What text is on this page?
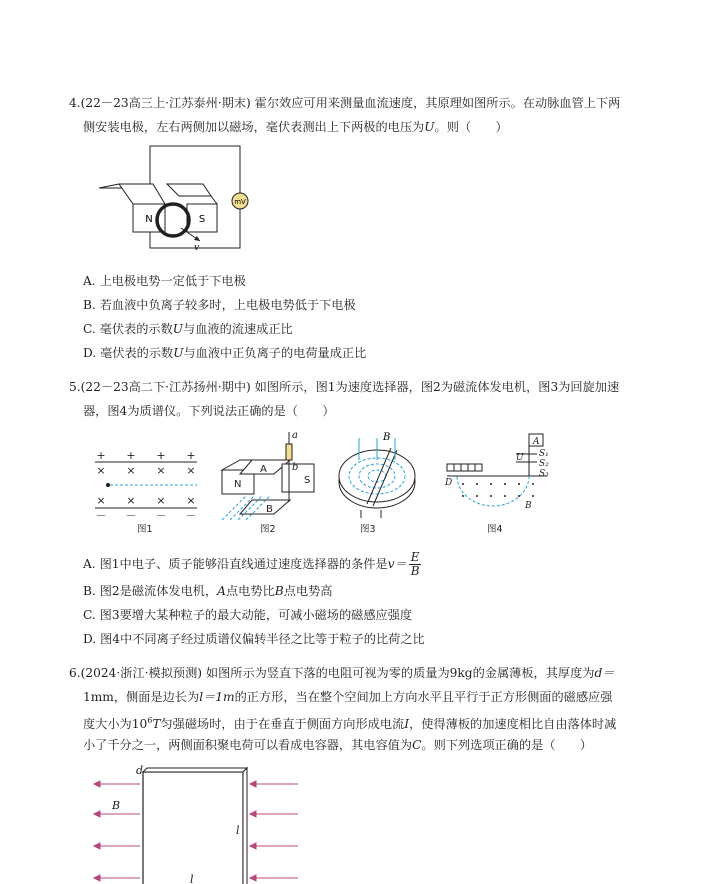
4.(22－23高三上·江苏泰州·期末) 霍尔效应可用来测量血流速度，其原理如图所示。在动脉血管上下两
侧安装电极，左右两侧加以磁场，毫伏表测出上下两极的电压为U。则（　　）
mV
N	S
v
A. 上电极电势一定低于下电极
B. 若血液中负离子较多时，上电极电势低于下电极
C. 毫伏表的示数U与血液的流速成正比
D. 毫伏表的示数U与血液中正负离子的电荷量成正比
5.(22－23高二下·江苏扬州·期中) 如图所示，图1为速度选择器，图2为磁流体发电机，图3为回旋加速
器，图4为质谱仪。下列说法正确的是（　　）
+ + + +
－ － － －
× × × ×
× × × ×
图1
N
A
B
S
a
b
图2
B
图3
A
U S₁
S₂
S₃
D
B
图4
A. 图1中电子、质子能够沿直线通过速度选择器的条件是$v= \frac{E}{B}$
B. 图2是磁流体发电机，A点电势比B点电势高
C. 图3要增大某种粒子的最大动能，可减小磁场的磁感应强度
D. 图4中不同离子经过质谱仪偏转半径之比等于粒子的比荷之比
6.(2024·浙江·模拟预测) 如图所示为竖直下落的电阻可视为零的质量为9kg的金属薄板，其厚度为d＝
1mm，侧面是边长为l＝1m的正方形，当在整个空间加上方向水平且平行于正方形侧面的磁感应强
度大小为$10^6T$匀强磁场时，由于在垂直于侧面方向形成电流I，使得薄板的加速度相比自由落体时减
小了千分之一，两侧面积聚电荷可以看成电容器，其电容值为C。则下列选项正确的是（　　）
d
B
l
l
